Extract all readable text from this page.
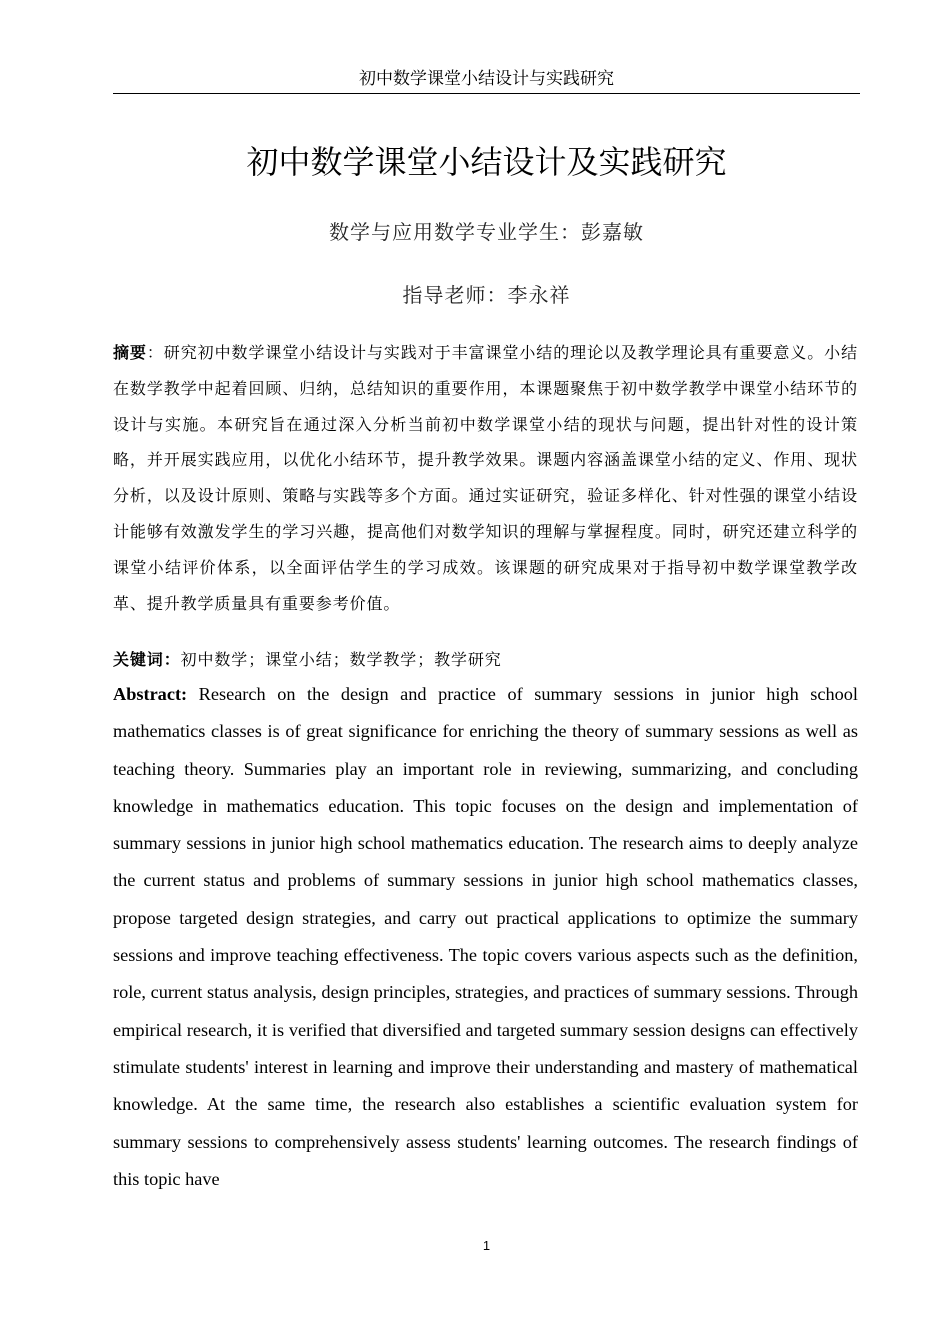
初中数学课堂小结设计与实践研究
初中数学课堂小结设计及实践研究
数学与应用数学专业学生：彭嘉敏
指导老师：李永祥
摘要：研究初中数学课堂小结设计与实践对于丰富课堂小结的理论以及教学理论具有重要意义。小结在数学教学中起着回顾、归纳，总结知识的重要作用，本课题聚焦于初中数学教学中课堂小结环节的设计与实施。本研究旨在通过深入分析当前初中数学课堂小结的现状与问题，提出针对性的设计策略，并开展实践应用，以优化小结环节，提升教学效果。课题内容涵盖课堂小结的定义、作用、现状分析，以及设计原则、策略与实践等多个方面。通过实证研究，验证多样化、针对性强的课堂小结设计能够有效激发学生的学习兴趣，提高他们对数学知识的理解与掌握程度。同时，研究还建立科学的课堂小结评价体系，以全面评估学生的学习成效。该课题的研究成果对于指导初中数学课堂教学改革、提升教学质量具有重要参考价值。
关键词：初中数学；课堂小结；数学教学；教学研究
Abstract: Research on the design and practice of summary sessions in junior high school mathematics classes is of great significance for enriching the theory of summary sessions as well as teaching theory. Summaries play an important role in reviewing, summarizing, and concluding knowledge in mathematics education. This topic focuses on the design and implementation of summary sessions in junior high school mathematics education. The research aims to deeply analyze the current status and problems of summary sessions in junior high school mathematics classes, propose targeted design strategies, and carry out practical applications to optimize the summary sessions and improve teaching effectiveness. The topic covers various aspects such as the definition, role, current status analysis, design principles, strategies, and practices of summary sessions. Through empirical research, it is verified that diversified and targeted summary session designs can effectively stimulate students' interest in learning and improve their understanding and mastery of mathematical knowledge. At the same time, the research also establishes a scientific evaluation system for summary sessions to comprehensively assess students' learning outcomes. The research findings of this topic have
1
